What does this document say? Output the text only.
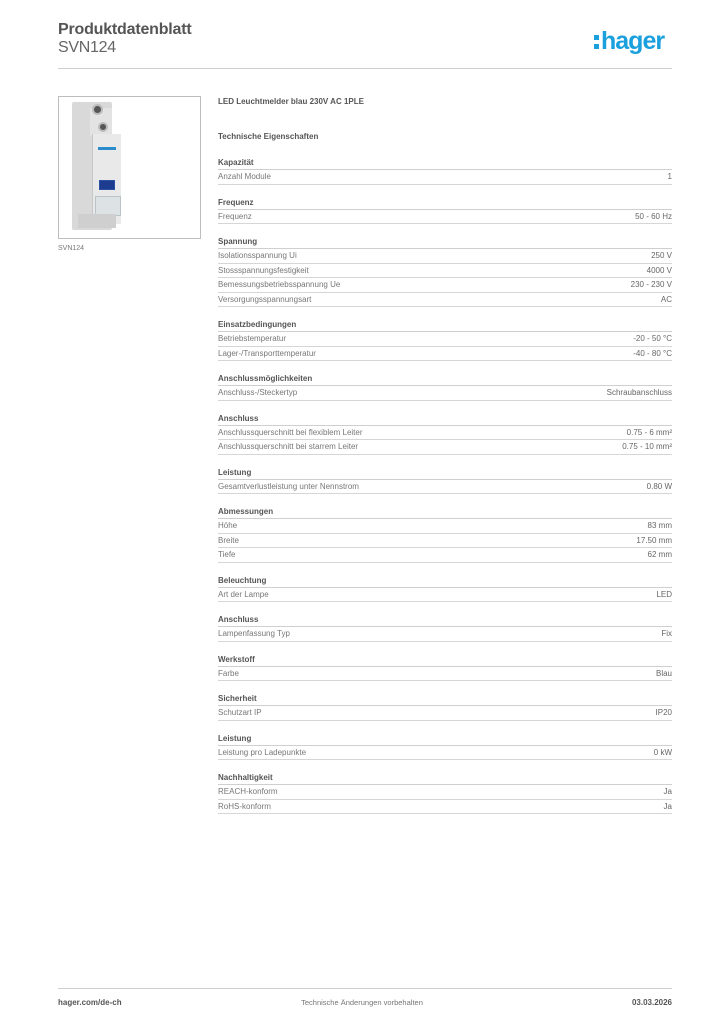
Produktdatenblatt
SVN124	hager
SVN124
LED Leuchtmelder blau 230V AC 1PLE
Technische Eigenschaften
Kapazität
Anzahl Module	1
Frequenz
Frequenz	50 - 60 Hz
Spannung
Isolationsspannung Ui	250 V
Stossspannungsfestigkeit	4000 V
Bemessungsbetriebsspannung Ue	230 - 230 V
Versorgungsspannungsart	AC
Einsatzbedingungen
Betriebstemperatur	-20 - 50 °C
Lager-/Transporttemperatur	-40 - 80 °C
Anschlussmöglichkeiten
Anschluss-/Steckertyp	Schraubanschluss
Anschluss
Anschlussquerschnitt bei flexiblem Leiter	0.75 - 6 mm²
Anschlussquerschnitt bei starrem Leiter	0.75 - 10 mm²
Leistung
Gesamtverlustleistung unter Nennstrom	0.80 W
Abmessungen
Höhe	83 mm
Breite	17.50 mm
Tiefe	62 mm
Beleuchtung
Art der Lampe	LED
Anschluss
Lampenfassung Typ	Fix
Werkstoff
Farbe	Blau
Sicherheit
Schutzart IP	IP20
Leistung
Leistung pro Ladepunkte	0 kW
Nachhaltigkeit
REACH-konform	Ja
RoHS-konform	Ja
hager.com/de-ch	Technische Änderungen vorbehalten	03.03.2026
